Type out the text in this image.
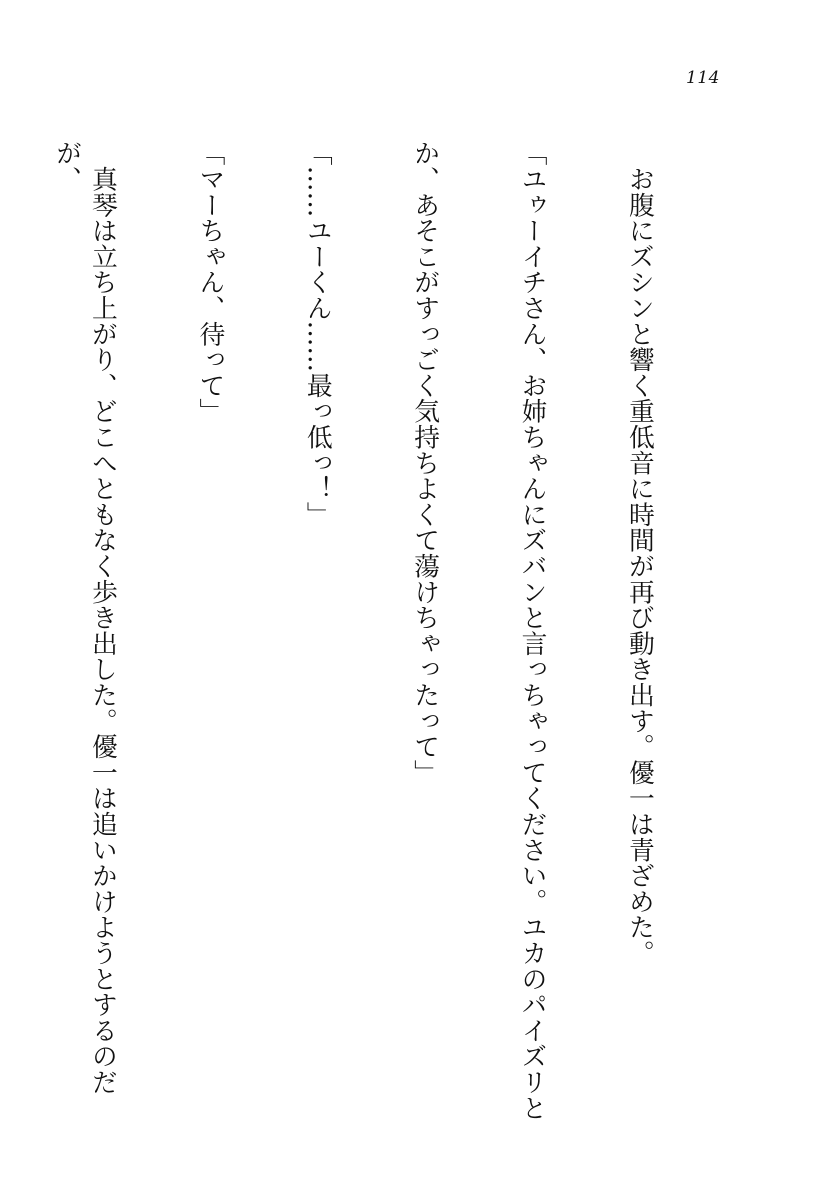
114

　お腹にズシンと響く重低音に時間が再び動き出す。優一は青ざめた。

「ユゥーイチさん、お姉ちゃんにズバンと言っちゃってください。ユカのパイズリと

か、あそこがすっごく気持ちよくて蕩けちゃったって」

「……ユーくん……最っ低っ！」

「マーちゃん、待って」

　真琴は立ち上がり、どこへともなく歩き出した。優一は追いかけようとするのだが、
